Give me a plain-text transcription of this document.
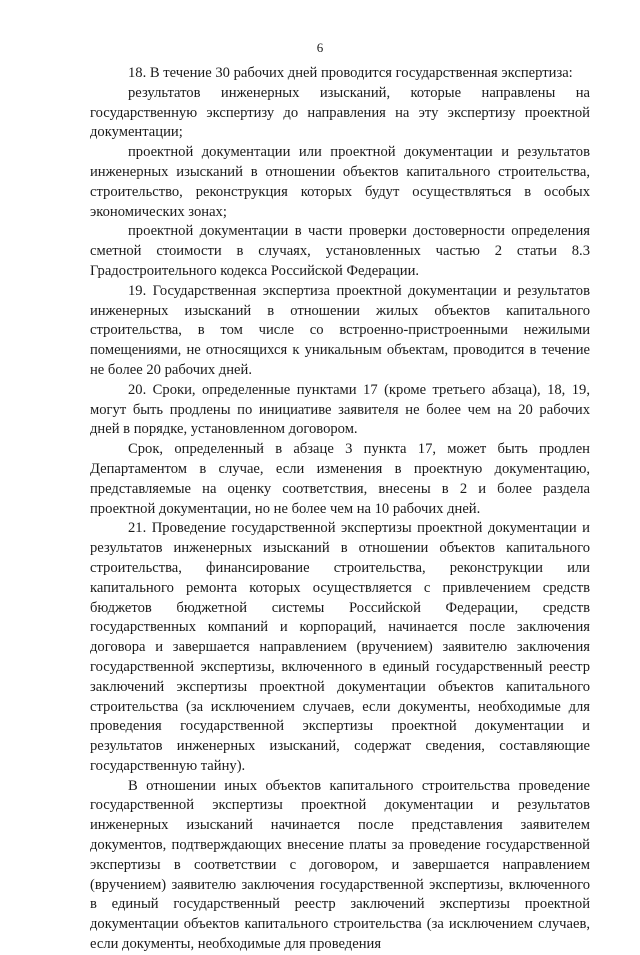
6

18. В течение 30 рабочих дней проводится государственная экспертиза:

результатов инженерных изысканий, которые направлены на государственную экспертизу до направления на эту экспертизу проектной документации;

проектной документации или проектной документации и результатов инженерных изысканий в отношении объектов капитального строительства, строительство, реконструкция которых будут осуществляться в особых экономических зонах;

проектной документации в части проверки достоверности определения сметной стоимости в случаях, установленных частью 2 статьи 8.3 Градостроительного кодекса Российской Федерации.

19. Государственная экспертиза проектной документации и результатов инженерных изысканий в отношении жилых объектов капитального строительства, в том числе со встроенно-пристроенными нежилыми помещениями, не относящихся к уникальным объектам, проводится в течение не более 20 рабочих дней.

20. Сроки, определенные пунктами 17 (кроме третьего абзаца), 18, 19, могут быть продлены по инициативе заявителя не более чем на 20 рабочих дней в порядке, установленном договором.

Срок, определенный в абзаце 3 пункта 17, может быть продлен Департаментом в случае, если изменения в проектную документацию, представляемые на оценку соответствия, внесены в 2 и более раздела проектной документации, но не более чем на 10 рабочих дней.

21. Проведение государственной экспертизы проектной документации и результатов инженерных изысканий в отношении объектов капитального строительства, финансирование строительства, реконструкции или капитального ремонта которых осуществляется с привлечением средств бюджетов бюджетной системы Российской Федерации, средств государственных компаний и корпораций, начинается после заключения договора и завершается направлением (вручением) заявителю заключения государственной экспертизы, включенного в единый государственный реестр заключений экспертизы проектной документации объектов капитального строительства (за исключением случаев, если документы, необходимые для проведения государственной экспертизы проектной документации и результатов инженерных изысканий, содержат сведения, составляющие государственную тайну).

В отношении иных объектов капитального строительства проведение государственной экспертизы проектной документации и результатов инженерных изысканий начинается после представления заявителем документов, подтверждающих внесение платы за проведение государственной экспертизы в соответствии с договором, и завершается направлением (вручением) заявителю заключения государственной экспертизы, включенного в единый государственный реестр заключений экспертизы проектной документации объектов капитального строительства (за исключением случаев, если документы, необходимые для проведения
